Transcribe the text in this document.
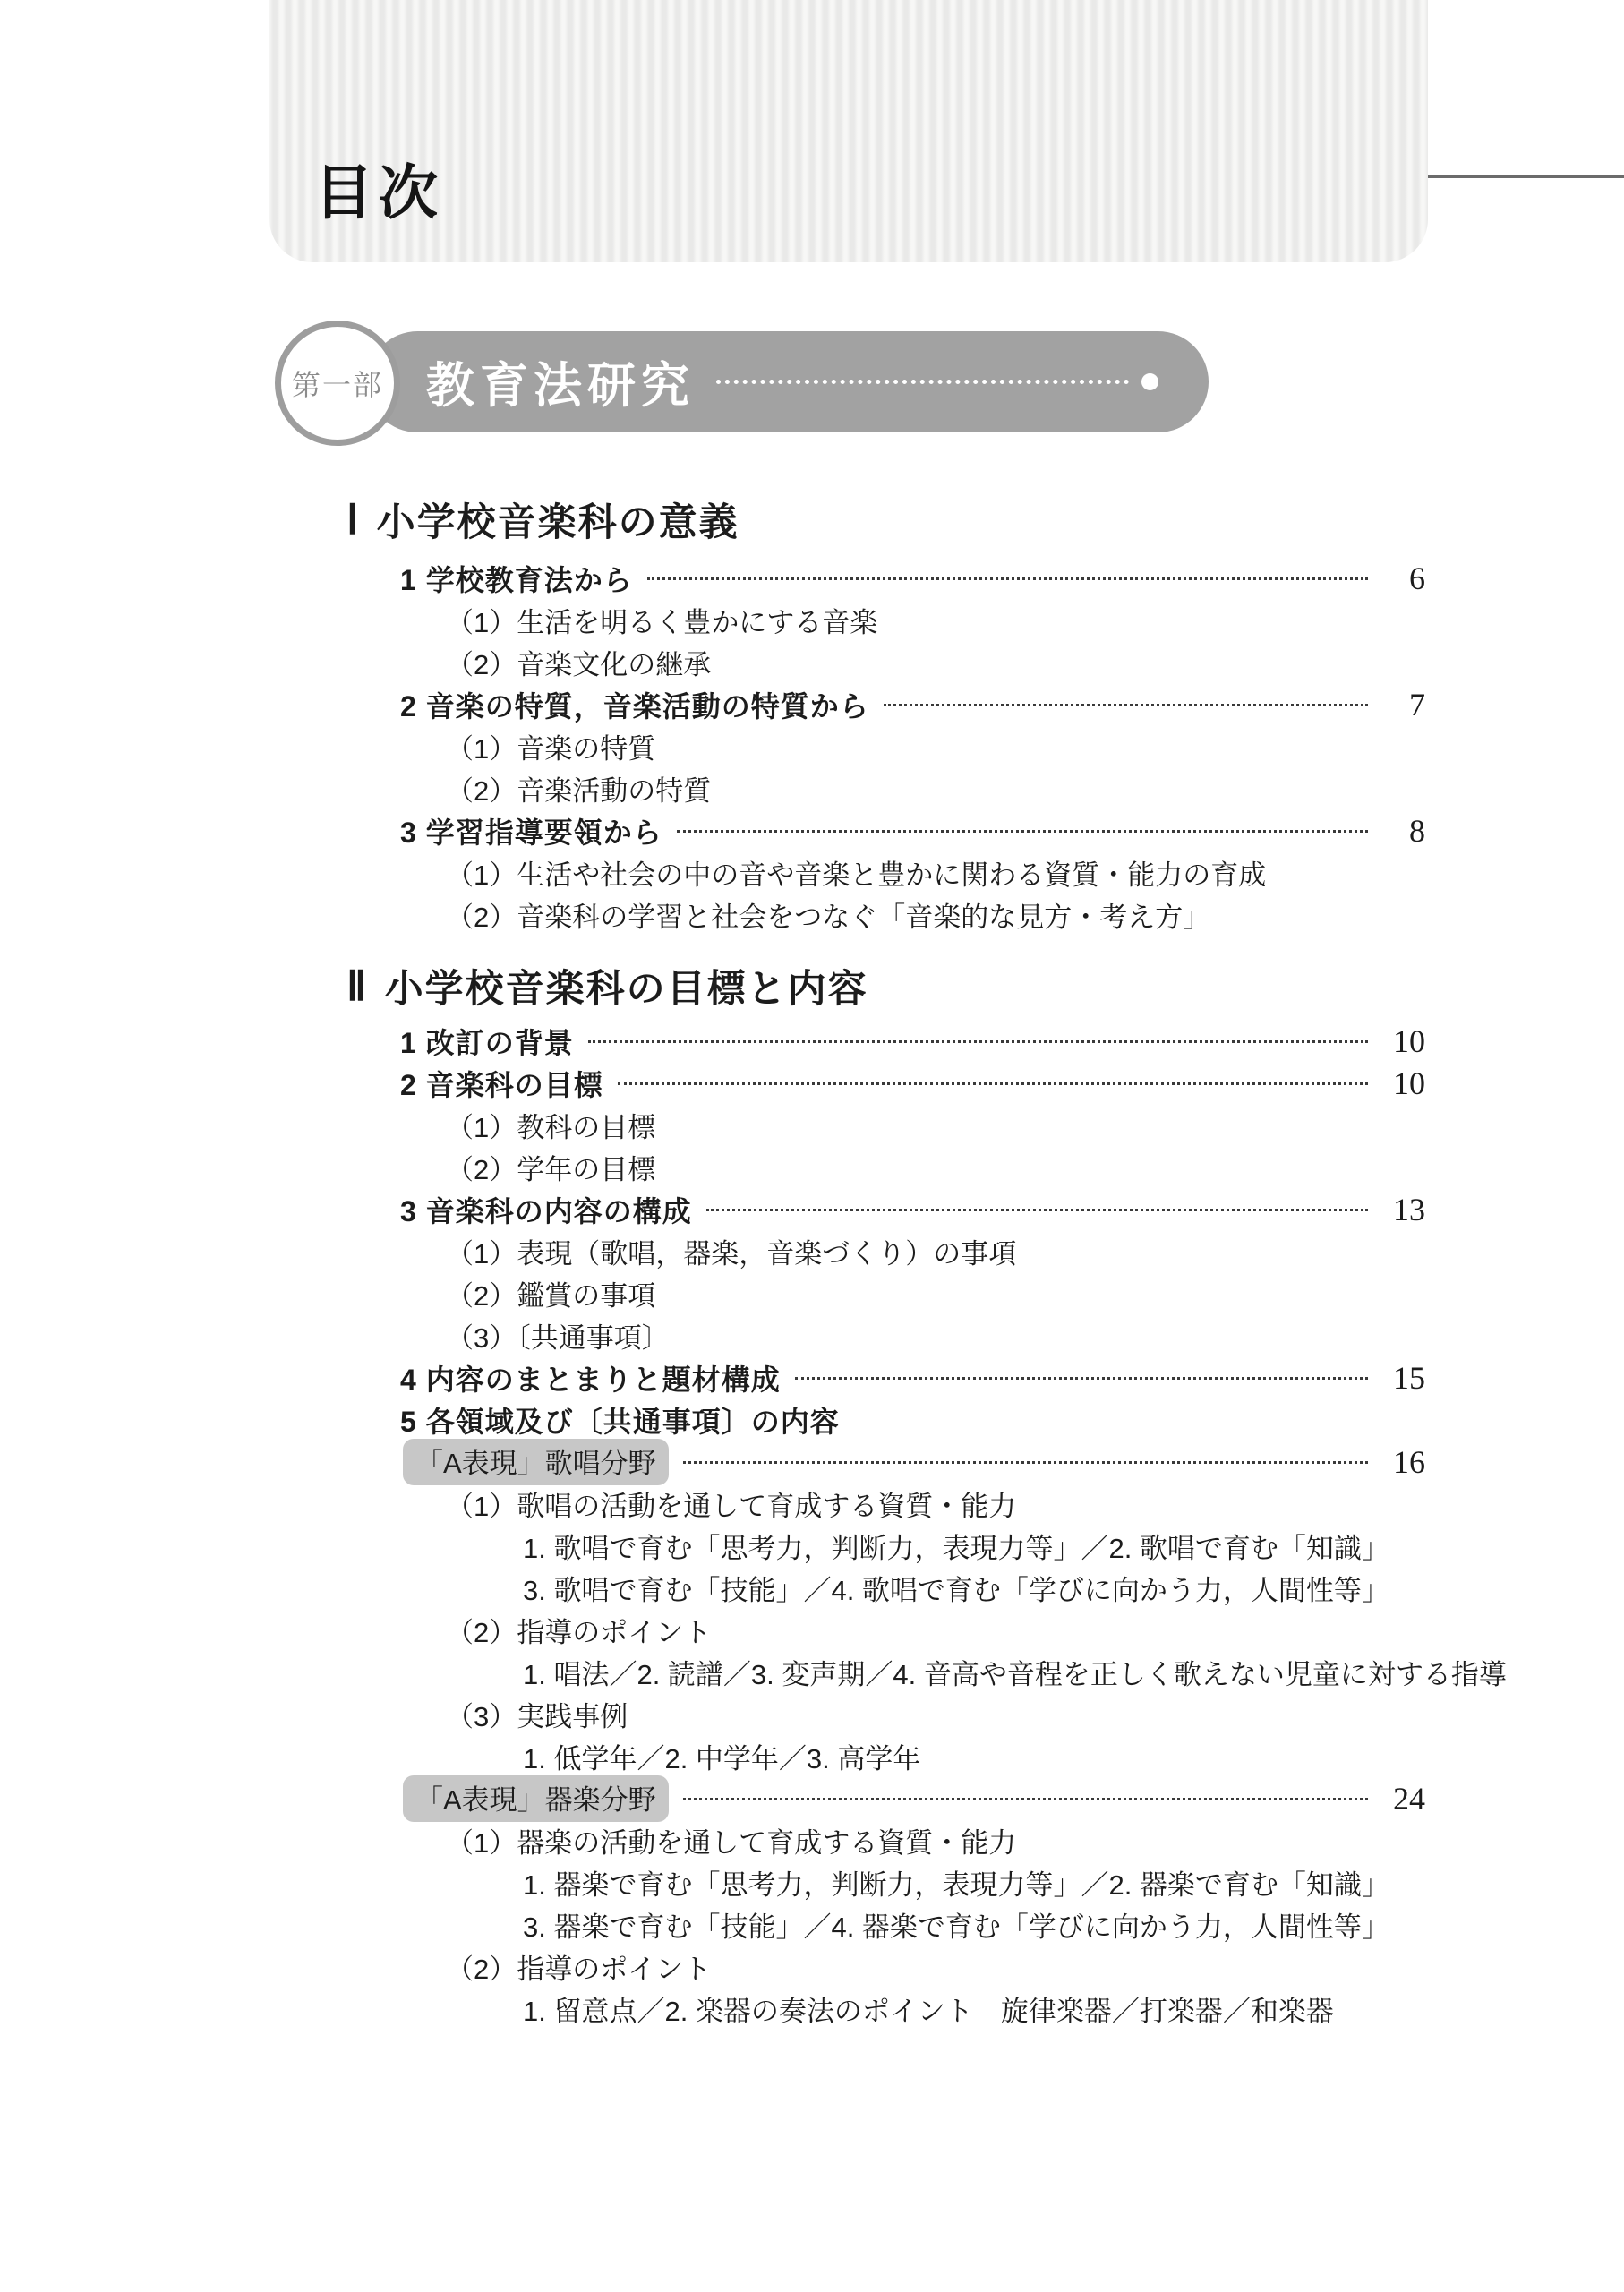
目次
教育法研究
第一部
Ⅰ 小学校音楽科の意義
1 学校教育法から	6
（1）生活を明るく豊かにする音楽
（2）音楽文化の継承
2 音楽の特質，音楽活動の特質から	7
（1）音楽の特質
（2）音楽活動の特質
3 学習指導要領から	8
（1）生活や社会の中の音や音楽と豊かに関わる資質・能力の育成
（2）音楽科の学習と社会をつなぐ「音楽的な見方・考え方」
Ⅱ 小学校音楽科の目標と内容
1 改訂の背景	10
2 音楽科の目標	10
（1）教科の目標
（2）学年の目標
3 音楽科の内容の構成	13
（1）表現（歌唱，器楽，音楽づくり）の事項
（2）鑑賞の事項
（3）〔共通事項〕
4 内容のまとまりと題材構成	15
5 各領域及び〔共通事項〕の内容
「A表現」歌唱分野	16
（1）歌唱の活動を通して育成する資質・能力
1. 歌唱で育む「思考力，判断力，表現力等」／2. 歌唱で育む「知識」
3. 歌唱で育む「技能」／4. 歌唱で育む「学びに向かう力，人間性等」
（2）指導のポイント
1. 唱法／2. 読譜／3. 変声期／4. 音高や音程を正しく歌えない児童に対する指導
（3）実践事例
1. 低学年／2. 中学年／3. 高学年
「A表現」器楽分野	24
（1）器楽の活動を通して育成する資質・能力
1. 器楽で育む「思考力，判断力，表現力等」／2. 器楽で育む「知識」
3. 器楽で育む「技能」／4. 器楽で育む「学びに向かう力，人間性等」
（2）指導のポイント
1. 留意点／2. 楽器の奏法のポイント　旋律楽器／打楽器／和楽器
